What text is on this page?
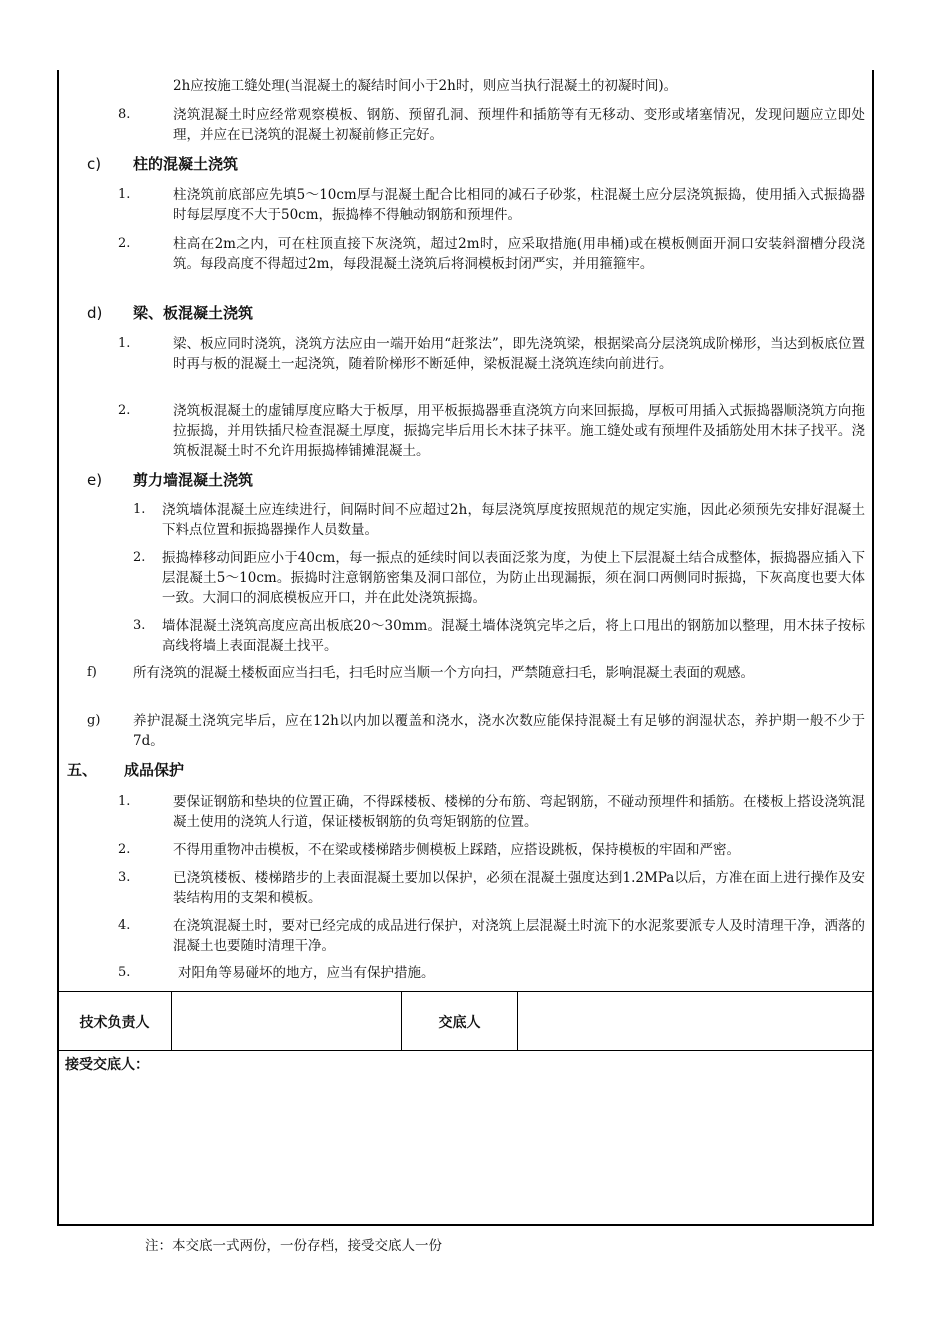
2h应按施工缝处理(当混凝土的凝结时间小于2h时，则应当执行混凝土的初凝时间)。
8.	浇筑混凝土时应经常观察模板、钢筋、预留孔洞、预埋件和插筋等有无移动、变形或堵塞情况，发现问题应立即处理，并应在已浇筑的混凝土初凝前修正完好。
c) 柱的混凝土浇筑
1.	柱浇筑前底部应先填5～10cm厚与混凝土配合比相同的减石子砂浆，柱混凝土应分层浇筑振捣，使用插入式振捣器时每层厚度不大于50cm，振捣棒不得触动钢筋和预埋件。
2.	柱高在2m之内，可在柱顶直接下灰浇筑，超过2m时，应采取措施(用串桶)或在模板侧面开洞口安装斜溜槽分段浇筑。每段高度不得超过2m，每段混凝土浇筑后将洞模板封闭严实，并用箍箍牢。
d) 梁、板混凝土浇筑
1.	梁、板应同时浇筑，浇筑方法应由一端开始用“赶浆法”，即先浇筑梁，根据梁高分层浇筑成阶梯形，当达到板底位置时再与板的混凝土一起浇筑，随着阶梯形不断延伸，梁板混凝土浇筑连续向前进行。
2.	浇筑板混凝土的虚铺厚度应略大于板厚，用平板振捣器垂直浇筑方向来回振捣，厚板可用插入式振捣器顺浇筑方向拖拉振捣，并用铁插尺检查混凝土厚度，振捣完毕后用长木抹子抹平。施工缝处或有预埋件及插筋处用木抹子找平。浇筑板混凝土时不允许用振捣棒铺摊混凝土。
e) 剪力墙混凝土浇筑
1. 浇筑墙体混凝土应连续进行，间隔时间不应超过2h，每层浇筑厚度按照规范的规定实施，因此必须预先安排好混凝土下料点位置和振捣器操作人员数量。
2. 振捣棒移动间距应小于40cm，每一振点的延续时间以表面泛浆为度，为使上下层混凝土结合成整体，振捣器应插入下层混凝土5～10cm。振捣时注意钢筋密集及洞口部位，为防止出现漏振，须在洞口两侧同时振捣，下灰高度也要大体一致。大洞口的洞底模板应开口，并在此处浇筑振捣。
3. 墙体混凝土浇筑高度应高出板底20～30mm。混凝土墙体浇筑完毕之后，将上口甩出的钢筋加以整理，用木抹子按标高线将墙上表面混凝土找平。
f)	所有浇筑的混凝土楼板面应当扫毛，扫毛时应当顺一个方向扫，严禁随意扫毛，影响混凝土表面的观感。
g) 养护混凝土浇筑完毕后，应在12h以内加以覆盖和浇水，浇水次数应能保持混凝土有足够的润湿状态，养护期一般不少于7d。
五、 成品保护
1.	要保证钢筋和垫块的位置正确，不得踩楼板、楼梯的分布筋、弯起钢筋，不碰动预埋件和插筋。在楼板上搭设浇筑混凝土使用的浇筑人行道，保证楼板钢筋的负弯矩钢筋的位置。
2.	不得用重物冲击模板，不在梁或楼梯踏步侧模板上踩踏，应搭设跳板，保持模板的牢固和严密。
3.	已浇筑楼板、楼梯踏步的上表面混凝土要加以保护，必须在混凝土强度达到1.2MPa以后，方准在面上进行操作及安装结构用的支架和模板。
4.	在浇筑混凝土时，要对已经完成的成品进行保护，对浇筑上层混凝土时流下的水泥浆要派专人及时清理干净，洒落的混凝土也要随时清理干净。
5.	对阳角等易碰坏的地方，应当有保护措施。
技术负责人	交底人
接受交底人：
注：本交底一式两份，一份存档，接受交底人一份
